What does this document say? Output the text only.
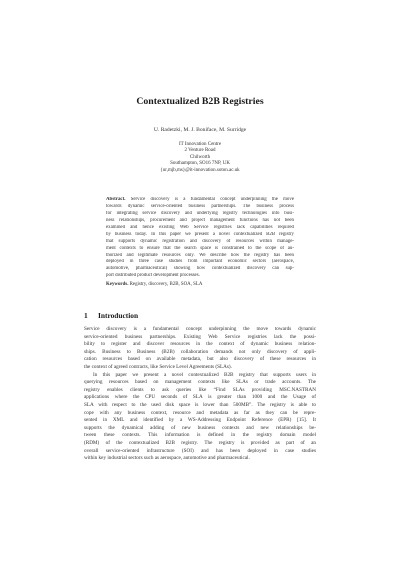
Contextualized B2B Registries
U. Radetzki, M. J. Boniface, M. Surridge
IT Innovation Centre
2 Venture Road
Chilworth
Southampton, SO16 7NP, UK
{ur,mjb,ms}@it-innovation.soton.ac.uk
Abstract. Service discovery is a fundamental concept underpinning the move
towards dynamic service-oriented business partnerships. The business process
for integrating service discovery and underlying registry technologies into busi-
ness relationships, procurement and project management functions has not been
examined and hence existing Web Service registries lack capabilities required
by business today. In this paper we present a novel contextualized B2B registry
that supports dynamic registration and discovery of resources within manage-
ment contexts to ensure that the search space is constrained to the scope of au-
thorized and legitimate resources only. We describe how the registry has been
deployed in three case studies from important economic sectors (aerospace,
automotive, pharmaceutical) showing how contextualized discovery can sup-
port distributed product development processes.
Keywords. Registry, discovery, B2B, SOA, SLA
1 Introduction
Service discovery is a fundamental concept underpinning the move towards dynamic
service-oriented business partnerships. Existing Web Service registries lack the possi-
bility to register and discover resources in the context of dynamic business relation-
ships. Business to Business (B2B) collaboration demands not only discovery of appli-
cation resources based on available metadata, but also discovery of these resources in
the context of agreed contracts, like Service Level Agreements (SLAs).
In this paper we present a novel contextualized B2B registry that supports users in
querying resources based on management contexts like SLAs or trade accounts. The
registry enables clients to ask queries like “Find SLAs providing MSC.NASTRAN
applications where the CPU seconds of SLA is greater than 1000 and the Usage of
SLA with respect to the used disk space is lower than 500MB”. The registry is able to
cope with any business context, resource and metadata as far as they can be repre-
sented in XML and identified by a WS-Addressing Endpoint Reference (EPR) [15]. It
supports the dynamical adding of new business contexts and new relationships be-
tween these contexts. This information is defined in the registry domain model
(RDM) of the contextualized B2B registry. The registry is provided as part of an
overall service-oriented infrastructure (SOI) and has been deployed in case studies
within key industrial sectors such as aerospace, automotive and pharmaceutical.
